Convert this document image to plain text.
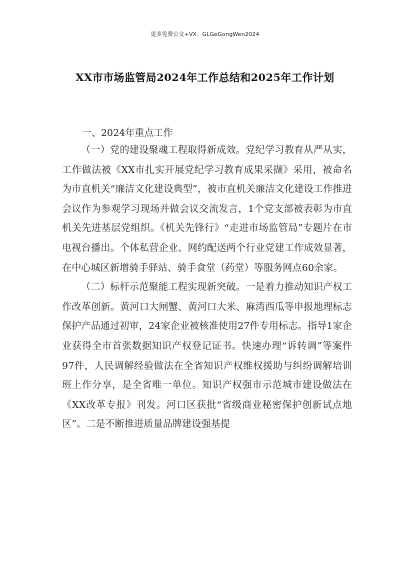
更多免费公文+VX：GLGeGongWen2024
XX市市场监管局2024年工作总结和2025年工作计划
一、2024年重点工作

（一）党的建设聚魂工程取得新成效。党纪学习教育从严从实，工作做法被《XX市扎实开展党纪学习教育成果采撷》采用，被命名为市直机关“廉洁文化建设典型”，被市直机关廉洁文化建设工作推进会议作为参观学习现场并做会议交流发言，1个党支部被表彰为市直机关先进基层党组织。《机关先锋行》“走进市场监管局”专题片在市电视台播出。个体私营企业、网约配送两个行业党建工作成效显著，在中心城区新增骑手驿站、骑手食堂（药堂）等服务网点60余家。

（二）标杆示范聚能工程实现新突破。一是着力推动知识产权工作改革创新。黄河口大闸蟹、黄河口大米、麻湾西瓜等申报地理标志保护产品通过初审，24家企业被核准使用27件专用标志。指导1家企业获得全市首张数据知识产权登记证书。快速办理“诉转调”等案件97件，人民调解经验做法在全省知识产权维权援助与纠纷调解培训班上作分享，是全省唯一单位。知识产权强市示范城市建设做法在《XX改革专报》刊发。河口区获批“省级商业秘密保护创新试点地区”。二是不断推进质量品牌建设强基提
